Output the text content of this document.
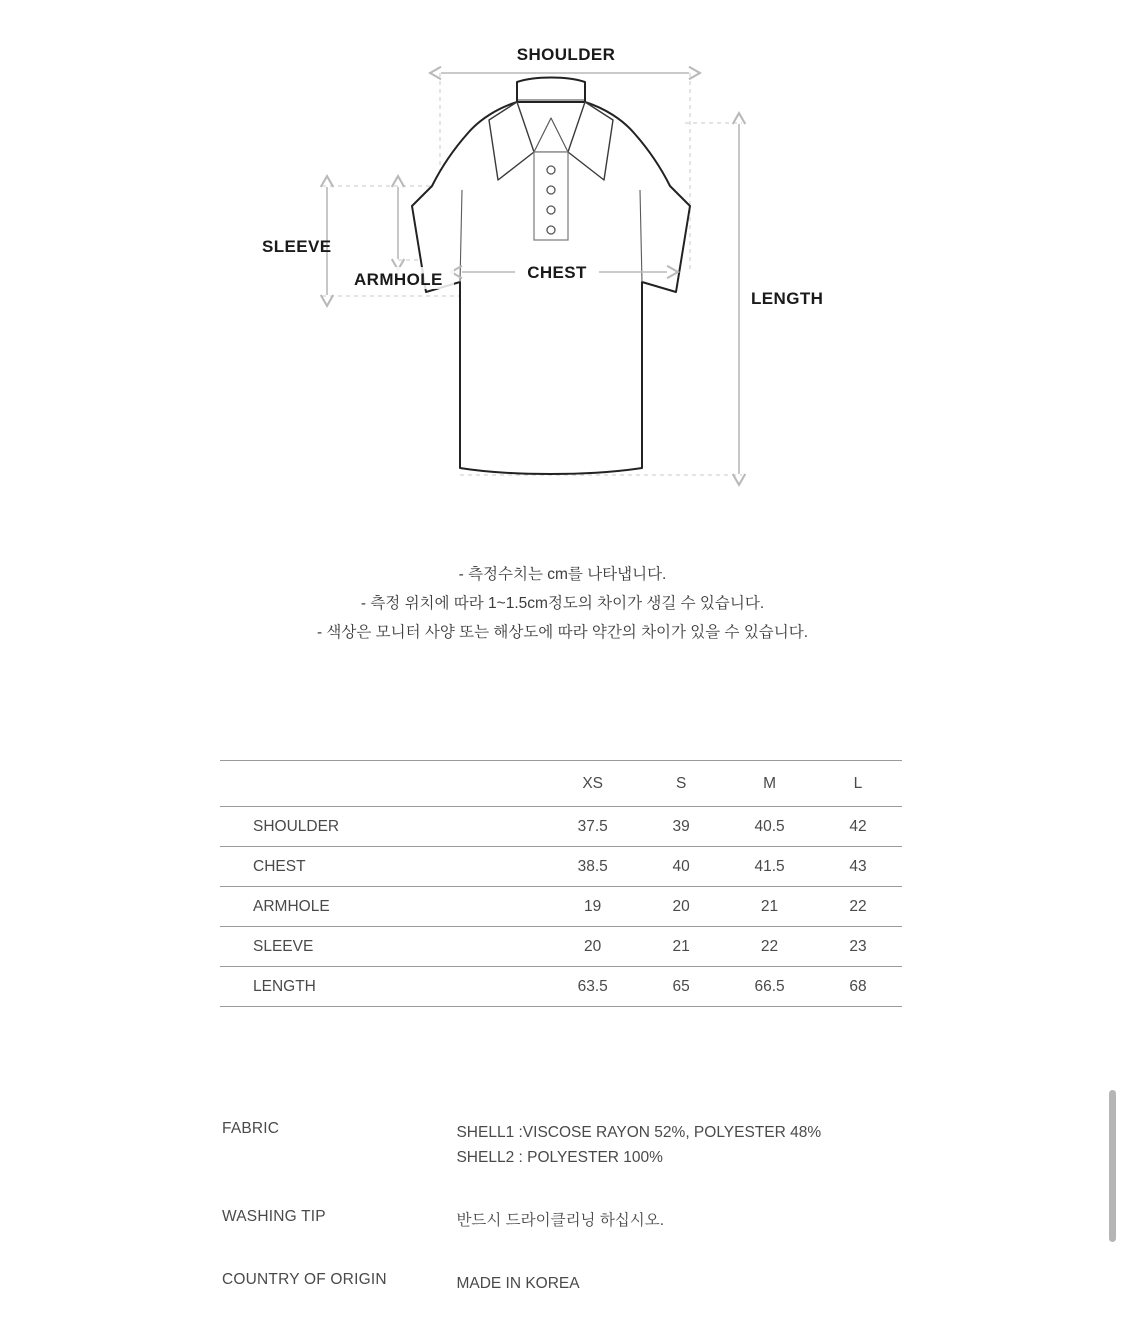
SHOULDER
CHEST
SLEEVE
ARMHOLE
LENGTH
- 측정수치는 cm를 나타냅니다.
- 측정 위치에 따라 1~1.5cm정도의 차이가 생길 수 있습니다.
- 색상은 모니터 사양 또는 해상도에 따라 약간의 차이가 있을 수 있습니다.
	XS	S	M	L
SHOULDER	37.5	39	40.5	42
CHEST	38.5	40	41.5	43
ARMHOLE	19	20	21	22
SLEEVE	20	21	22	23
LENGTH	63.5	65	66.5	68
FABRIC	SHELL1 :VISCOSE RAYON 52%, POLYESTER 48%
SHELL2 : POLYESTER 100%
WASHING TIP	반드시 드라이클리닝 하십시오.
COUNTRY OF ORIGIN	MADE IN KOREA
